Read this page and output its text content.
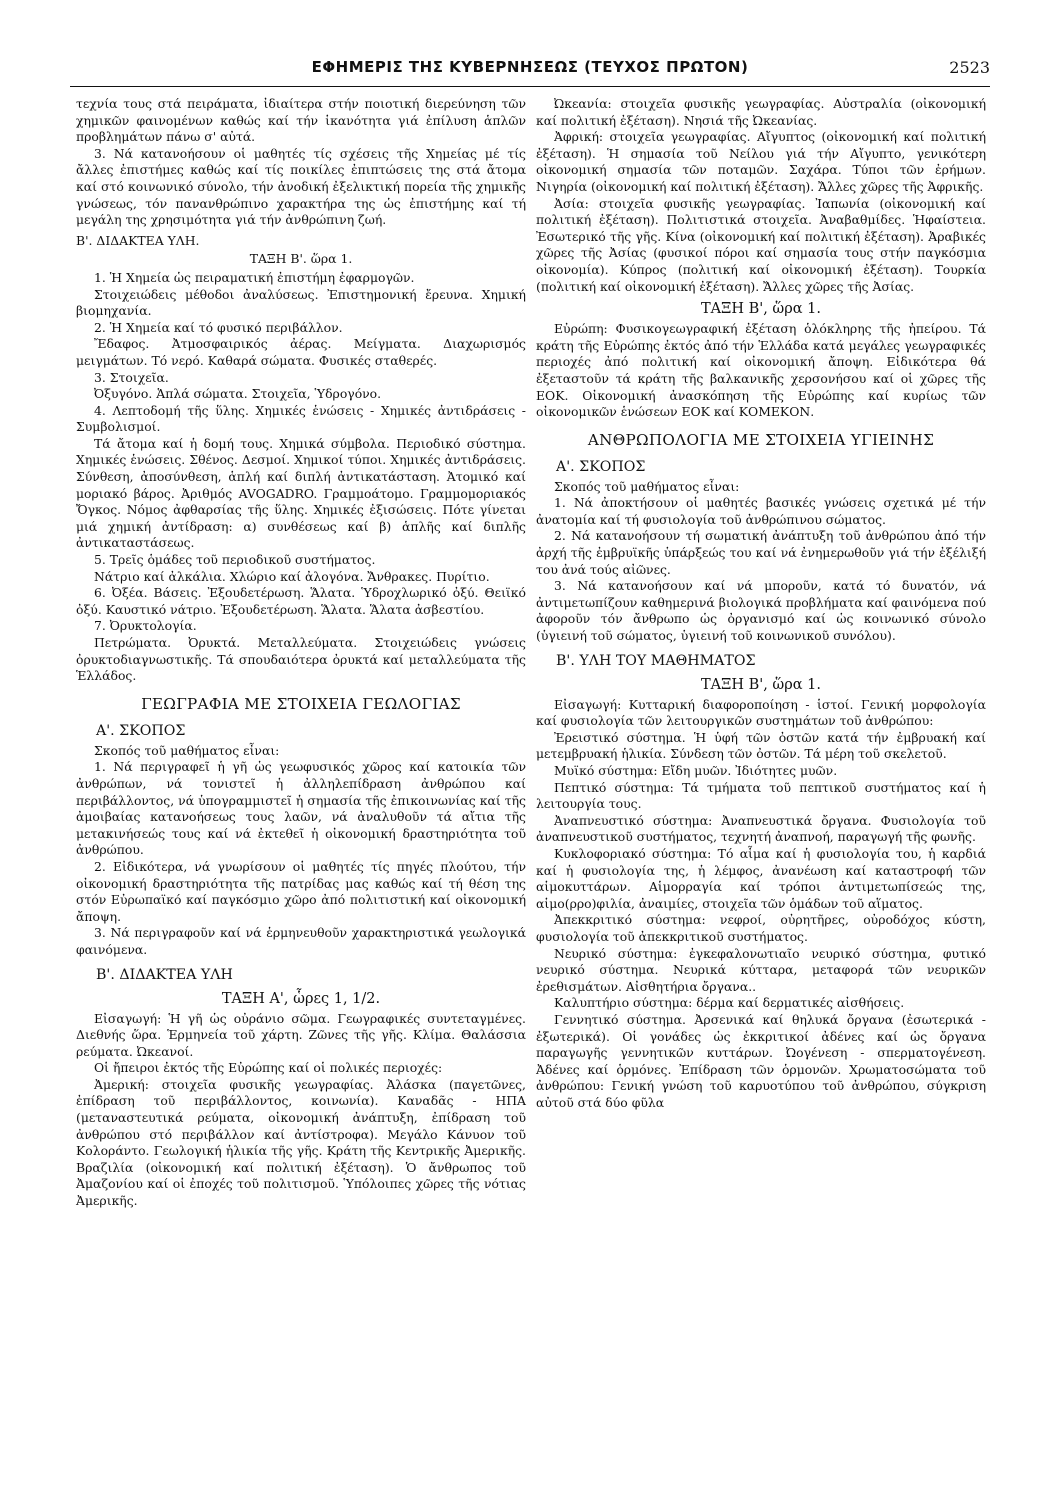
ΕΦΗΜΕΡΙΣ ΤΗΣ ΚΥΒΕΡΝΗΣΕΩΣ (ΤΕΥΧΟΣ ΠΡΩΤΟΝ)	2523

τεχνία τους στά πειράματα, ἰδιαίτερα στήν ποιοτική διερεύνηση τῶν χημικῶν φαινομένων καθώς καί τήν ἱκανότητα γιά ἐπίλυση ἁπλῶν προβλημάτων πάνω σ' αὐτά.

3. Νά κατανοήσουν οἱ μαθητές τίς σχέσεις τῆς Χημείας μέ τίς ἄλλες ἐπιστήμες καθώς καί τίς ποικίλες ἐπιπτώσεις της στά ἄτομα καί στό κοινωνικό σύνολο, τήν ἀνοδική ἐξελικτική πορεία τῆς χημικῆς γνώσεως, τόν πανανθρώπινο χαρακτήρα της ὡς ἐπιστήμης καί τή μεγάλη της χρησιμότητα γιά τήν ἀνθρώπινη ζωή.

Β'. ΔΙΔΑΚΤΕΑ ΥΛΗ.

ΤΑΞΗ Β'. ὥρα 1.

1. Ἡ Χημεία ὡς πειραματική ἐπιστήμη ἐφαρμογῶν.

Στοιχειώδεις μέθοδοι ἀναλύσεως. Ἐπιστημονική ἔρευνα. Χημική βιομηχανία.

2. Ἡ Χημεία καί τό φυσικό περιβάλλον.

Ἔδαφος. Ἀτμοσφαιρικός ἀέρας. Μείγματα. Διαχωρισμός μειγμάτων. Τό νερό. Καθαρά σώματα. Φυσικές σταθερές.

3. Στοιχεῖα.

Ὀξυγόνο. Ἁπλά σώματα. Στοιχεῖα, Ὑδρογόνο.

4. Λεπτοδομή τῆς ὕλης. Χημικές ἑνώσεις - Χημικές ἀντιδράσεις - Συμβολισμοί.

Τά ἄτομα καί ἡ δομή τους. Χημικά σύμβολα. Περιοδικό σύστημα. Χημικές ἑνώσεις. Σθένος. Δεσμοί. Χημικοί τύποι. Χημικές ἀντιδράσεις. Σύνθεση, ἀποσύνθεση, ἁπλή καί διπλή ἀντικατάσταση. Ἀτομικό καί μοριακό βάρος. Ἀριθμός AVOGADRO. Γραμμοάτομο. Γραμμομοριακός Ὄγκος. Νόμος ἀφθαρσίας τῆς ὕλης. Χημικές ἐξισώσεις. Πότε γίνεται μιά χημική ἀντίδραση: α) συνθέσεως καί β) ἁπλῆς καί διπλῆς ἀντικαταστάσεως.

5. Τρεῖς ὁμάδες τοῦ περιοδικοῦ συστήματος.

Νάτριο καί ἀλκάλια. Χλώριο καί ἀλογόνα. Ἄνθρακες. Πυρίτιο.

6. Ὀξέα. Βάσεις. Ἐξουδετέρωση. Ἅλατα. Ὑδροχλωρικό ὀξύ. Θειϊκό ὀξύ. Καυστικό νάτριο. Ἐξουδετέρωση. Ἅλατα. Ἅλατα ἀσβεστίου.

7. Ὀρυκτολογία.

Πετρώματα. Ὀρυκτά. Μεταλλεύματα. Στοιχειώδεις γνώσεις ὀρυκτοδιαγνωστικῆς. Τά σπουδαιότερα ὀρυκτά καί μεταλλεύματα τῆς Ἑλλάδος.

ΓΕΩΓΡΑΦΙΑ ΜΕ ΣΤΟΙΧΕΙΑ ΓΕΩΛΟΓΙΑΣ

Α'. ΣΚΟΠΟΣ

Σκοπός τοῦ μαθήματος εἶναι:

1. Νά περιγραφεῖ ἡ γῆ ὡς γεωφυσικός χῶρος καί κατοικία τῶν ἀνθρώπων, νά τονιστεῖ ἡ ἀλληλεπίδραση ἀνθρώπου καί περιβάλλοντος, νά ὑπογραμμιστεῖ ἡ σημασία τῆς ἐπικοινωνίας καί τῆς ἀμοιβαίας κατανοήσεως τους λαῶν, νά ἀναλυθοῦν τά αἴτια τῆς μετακινήσεώς τους καί νά ἐκτεθεῖ ἡ οἰκονομική δραστηριότητα τοῦ ἀνθρώπου.

2. Εἰδικότερα, νά γνωρίσουν οἱ μαθητές τίς πηγές πλούτου, τήν οἰκονομική δραστηριότητα τῆς πατρίδας μας καθώς καί τή θέση της στόν Εὐρωπαϊκό καί παγκόσμιο χῶρο ἀπό πολιτιστική καί οἰκονομική ἄποψη.

3. Νά περιγραφοῦν καί νά ἑρμηνευθοῦν χαρακτηριστικά γεωλογικά φαινόμενα.

Β'. ΔΙΔΑΚΤΕΑ ΥΛΗ

ΤΑΞΗ Α', ὧρες 1, 1/2.

Εἰσαγωγή: Ἡ γῆ ὡς οὐράνιο σῶμα. Γεωγραφικές συντεταγμένες. Διεθνής ὥρα. Ἑρμηνεία τοῦ χάρτη. Ζῶνες τῆς γῆς. Κλίμα. Θαλάσσια ρεύματα. Ὠκεανοί.

Οἱ ἤπειροι ἐκτός τῆς Εὐρώπης καί οἱ πολικές περιοχές:

Ἀμερική: στοιχεῖα φυσικῆς γεωγραφίας. Ἀλάσκα (παγετῶνες, ἐπίδραση τοῦ περιβάλλοντος, κοινωνία). Καναδᾶς - ΗΠΑ (μεταναστευτικά ρεύματα, οἰκονομική ἀνάπτυξη, ἐπίδραση τοῦ ἀνθρώπου στό περιβάλλον καί ἀντίστροφα). Μεγάλο Κάνυον τοῦ Κολοράντο. Γεωλογική ἡλικία τῆς γῆς. Κράτη τῆς Κεντρικῆς Ἀμερικῆς. Βραζιλία (οἰκονομική καί πολιτική ἐξέταση). Ὁ ἄνθρωπος τοῦ Ἀμαζονίου καί οἱ ἐποχές τοῦ πολιτισμοῦ. Ὑπόλοιπες χῶρες τῆς νότιας Ἀμερικῆς.

Ὠκεανία: στοιχεῖα φυσικῆς γεωγραφίας. Αὐστραλία (οἰκονομική καί πολιτική ἐξέταση). Νησιά τῆς Ὠκεανίας.

Ἀφρική: στοιχεῖα γεωγραφίας. Αἴγυπτος (οἰκονομική καί πολιτική ἐξέταση). Ἡ σημασία τοῦ Νείλου γιά τήν Αἴγυπτο, γενικότερη οἰκονομική σημασία τῶν ποταμῶν. Σαχάρα. Τύποι τῶν ἐρήμων. Νιγηρία (οἰκονομική καί πολιτική ἐξέταση). Ἄλλες χῶρες τῆς Ἀφρικῆς.

Ἀσία: στοιχεῖα φυσικῆς γεωγραφίας. Ἰαπωνία (οἰκονομική καί πολιτική ἐξέταση). Πολιτιστικά στοιχεῖα. Ἀναβαθμίδες. Ἡφαίστεια. Ἐσωτερικό τῆς γῆς. Κίνα (οἰκονομική καί πολιτική ἐξέταση). Ἀραβικές χῶρες τῆς Ἀσίας (φυσικοί πόροι καί σημασία τους στήν παγκόσμια οἰκονομία). Κύπρος (πολιτική καί οἰκονομική ἐξέταση). Τουρκία (πολιτική καί οἰκονομική ἐξέταση). Ἄλλες χῶρες τῆς Ἀσίας.

ΤΑΞΗ Β', ὥρα 1.

Εὐρώπη: Φυσικογεωγραφική ἐξέταση ὁλόκληρης τῆς ἠπείρου. Τά κράτη τῆς Εὐρώπης ἐκτός ἀπό τήν Ἑλλάδα κατά μεγάλες γεωγραφικές περιοχές ἀπό πολιτική καί οἰκονομική ἄποψη. Εἰδικότερα θά ἐξεταστοῦν τά κράτη τῆς βαλκανικῆς χερσονήσου καί οἱ χῶρες τῆς ΕΟΚ. Οἰκονομική ἀνασκόπηση τῆς Εὐρώπης καί κυρίως τῶν οἰκονομικῶν ἑνώσεων ΕΟΚ καί ΚΟΜΕΚΟΝ.

ΑΝΘΡΩΠΟΛΟΓΙΑ ΜΕ ΣΤΟΙΧΕΙΑ ΥΓΙΕΙΝΗΣ

Α'. ΣΚΟΠΟΣ

Σκοπός τοῦ μαθήματος εἶναι:

1. Νά ἀποκτήσουν οἱ μαθητές βασικές γνώσεις σχετικά μέ τήν ἀνατομία καί τή φυσιολογία τοῦ ἀνθρώπινου σώματος.

2. Νά κατανοήσουν τή σωματική ἀνάπτυξη τοῦ ἀνθρώπου ἀπό τήν ἀρχή τῆς ἐμβρυϊκῆς ὑπάρξεώς του καί νά ἐνημερωθοῦν γιά τήν ἐξέλιξή του ἀνά τούς αἰῶνες.

3. Νά κατανοήσουν καί νά μποροῦν, κατά τό δυνατόν, νά ἀντιμετωπίζουν καθημερινά βιολογικά προβλήματα καί φαινόμενα πού ἀφοροῦν τόν ἄνθρωπο ὡς ὀργανισμό καί ὡς κοινωνικό σύνολο (ὑγιεινή τοῦ σώματος, ὑγιεινή τοῦ κοινωνικοῦ συνόλου).

Β'. ΥΛΗ ΤΟΥ ΜΑΘΗΜΑΤΟΣ

ΤΑΞΗ Β', ὥρα 1.

Εἰσαγωγή: Κυτταρική διαφοροποίηση - ἱστοί. Γενική μορφολογία καί φυσιολογία τῶν λειτουργικῶν συστημάτων τοῦ ἀνθρώπου:

Ἐρειστικό σύστημα. Ἡ ὑφή τῶν ὀστῶν κατά τήν ἐμβρυακή καί μετεμβρυακή ἡλικία. Σύνδεση τῶν ὀστῶν. Τά μέρη τοῦ σκελετοῦ.

Μυϊκό σύστημα: Εἴδη μυῶν. Ἰδιότητες μυῶν.

Πεπτικό σύστημα: Τά τμήματα τοῦ πεπτικοῦ συστήματος καί ἡ λειτουργία τους.

Ἀναπνευστικό σύστημα: Ἀναπνευστικά ὄργανα. Φυσιολογία τοῦ ἀναπνευστικοῦ συστήματος, τεχνητή ἀναπνοή, παραγωγή τῆς φωνῆς.

Κυκλοφοριακό σύστημα: Τό αἷμα καί ἡ φυσιολογία του, ἡ καρδιά καί ἡ φυσιολογία της, ἡ λέμφος, ἀνανέωση καί καταστροφή τῶν αἱμοκυττάρων. Αἱμορραγία καί τρόποι ἀντιμετωπίσεώς της, αἱμο(ρρο)φιλία, ἀναιμίες, στοιχεῖα τῶν ὁμάδων τοῦ αἵματος.

Ἀπεκκριτικό σύστημα: νεφροί, οὐρητῆρες, οὐροδόχος κύστη, φυσιολογία τοῦ ἀπεκκριτικοῦ συστήματος.

Νευρικό σύστημα: ἐγκεφαλονωτιαῖο νευρικό σύστημα, φυτικό νευρικό σύστημα. Νευρικά κύτταρα, μεταφορά τῶν νευρικῶν ἐρεθισμάτων. Αἰσθητήρια ὄργανα..

Καλυπτήριο σύστημα: δέρμα καί δερματικές αἰσθήσεις.

Γεννητικό σύστημα. Ἀρσενικά καί θηλυκά ὄργανα (ἐσωτερικά - ἐξωτερικά). Οἱ γονάδες ὡς ἐκκριτικοί ἀδένες καί ὡς ὄργανα παραγωγῆς γεννητικῶν κυττάρων. Ὠογένεση - σπερματογένεση. Ἀδένες καί ὁρμόνες. Ἐπίδραση τῶν ὁρμονῶν. Χρωματοσώματα τοῦ ἀνθρώπου: Γενική γνώση τοῦ καρυοτύπου τοῦ ἀνθρώπου, σύγκριση αὐτοῦ στά δύο φῦλα
